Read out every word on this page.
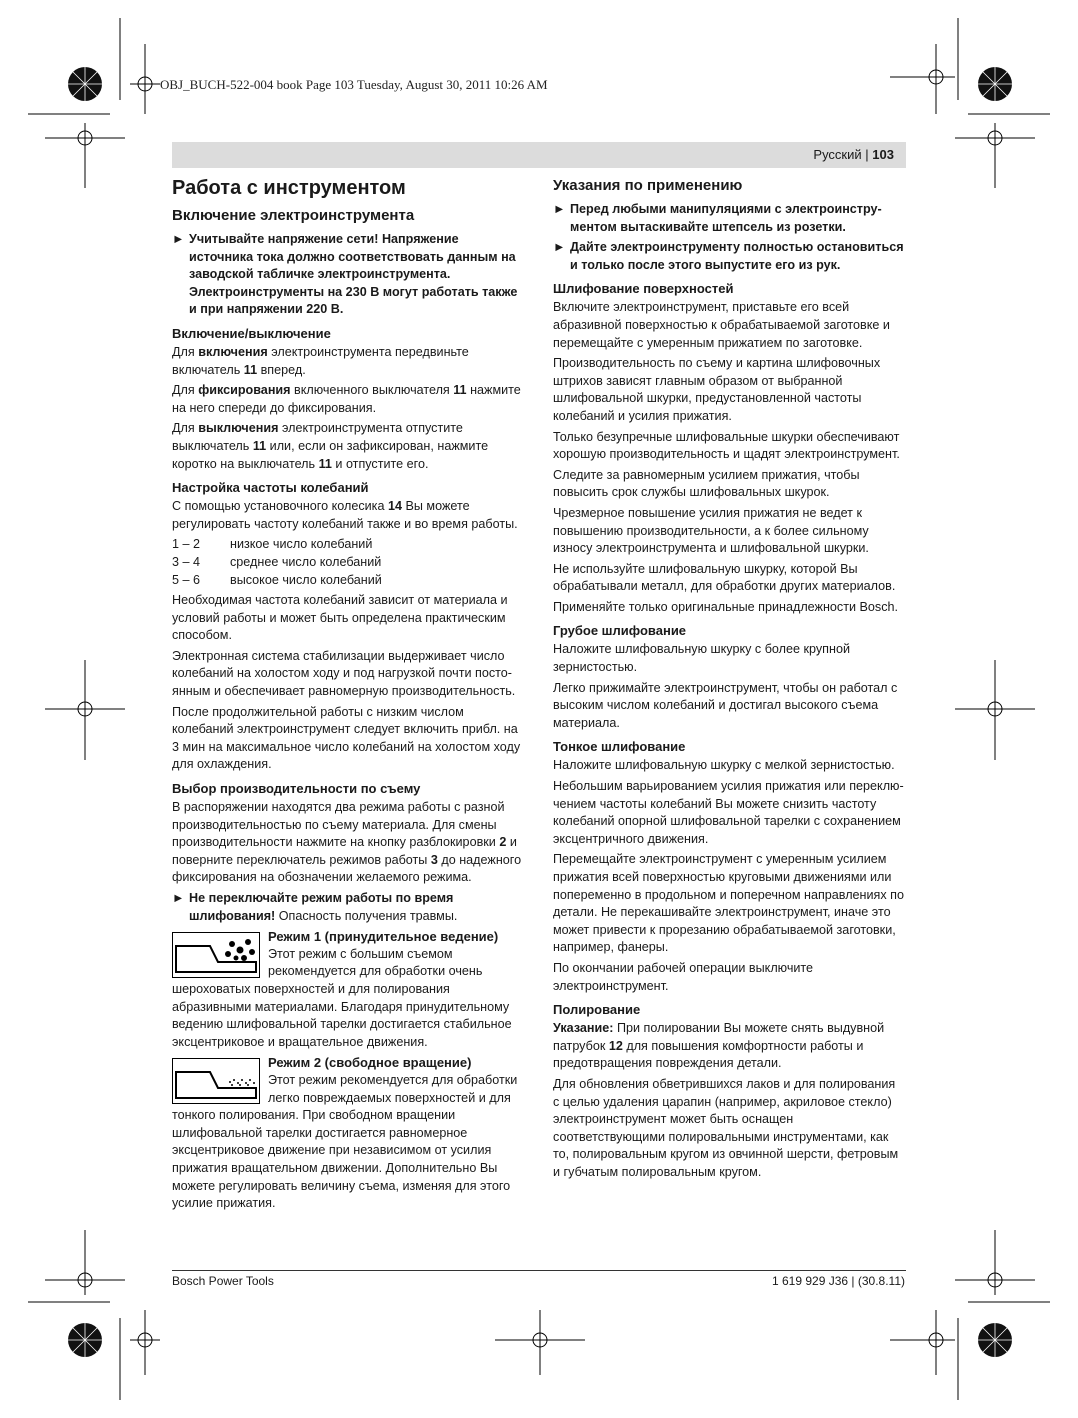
OBJ_BUCH-522-004 book Page 103 Tuesday, August 30, 2011 10:26 AM
Русский | 103
Работа с инструментом
Включение электроинструмента

► Учитывайте напряжение сети! Напряжение источника тока должно соответствовать данным на заводской табличке электроинструмента. Электроинструменты на 230 В могут работать также и при напряжении 220 В.

Включение/выключение

Для включения электроинструмента передвиньте включатель 11 вперед.

Для фиксирования включенного выключателя 11 нажмите на него спереди до фиксирования.

Для выключения электроинструмента отпустите выключатель 11 или, если он зафиксирован, нажмите коротко на выключатель 11 и отпустите его.

Настройка частоты колебаний

С помощью установочного колесика 14 Вы можете регулировать частоту колебаний также и во время работы.

1 – 2	низкое число колебаний
3 – 4	среднее число колебаний
5 – 6	высокое число колебаний

Необходимая частота колебаний зависит от материала и условий работы и может быть определена практическим способом.

Электронная система стабилизации выдерживает число колебаний на холостом ходу и под нагрузкой почти посто-янным и обеспечивает равномерную производительность.

После продолжительной работы с низким числом колебаний электроинструмент следует включить прибл. на 3 мин на максимальное число колебаний на холостом ходу для охлаждения.

Выбор производительности по съему

В распоряжении находятся два режима работы с разной производительностью по съему материала. Для смены производительности нажмите на кнопку разблокировки 2 и поверните переключатель режимов работы 3 до надежного фиксирования на обозначении желаемого режима.

► Не переключайте режим работы по время шлифования! Опасность получения травмы.

Режим 1 (принудительное ведение)
Этот режим с большим съемом рекомендуется для обработки очень шероховатых поверхностей и для полирования абразивными материалами. Благодаря принудительному ведению шлифовальной тарелки достигается стабильное эксцентриковое и вращательное движения.
Режим 2 (свободное вращение)
Этот режим рекомендуется для обработки легко повреждаемых поверхностей и для тонкого полирования. При свободном вращении шлифовальной тарелки достигается равномерное эксцентриковое движение при независимом от усилия прижатия вращательном движении. Дополнительно Вы можете регулировать величину съема, изменяя для этого усилие прижатия.
Указания по применению

► Перед любыми манипуляциями с электроинстру-ментом вытаскивайте штепсель из розетки.

► Дайте электроинструменту полностью остановиться и только после этого выпустите его из рук.

Шлифование поверхностей

Включите электроинструмент, приставьте его всей абразивной поверхностью к обрабатываемой заготовке и перемещайте с умеренным прижатием по заготовке.

Производительность по съему и картина шлифовочных штрихов зависят главным образом от выбранной шлифовальной шкурки, предустановленной частоты колебаний и усилия прижатия.

Только безупречные шлифовальные шкурки обеспечивают хорошую производительность и щадят электроинструмент.

Следите за равномерным усилием прижатия, чтобы повысить срок службы шлифовальных шкурок.

Чрезмерное повышение усилия прижатия не ведет к повышению производительности, а к более сильному износу электроинструмента и шлифовальной шкурки.

Не используйте шлифовальную шкурку, которой Вы обрабатывали металл, для обработки других материалов.

Применяйте только оригинальные принадлежности Bosch.

Грубое шлифование

Наложите шлифовальную шкурку с более крупной зернистостью.

Легко прижимайте электроинструмент, чтобы он работал с высоким числом колебаний и достигал высокого съема материала.

Тонкое шлифование

Наложите шлифовальную шкурку с мелкой зернистостью.

Небольшим варьированием усилия прижатия или переклю-чением частоты колебаний Вы можете снизить частоту колебаний опорной шлифовальной тарелки с сохранением эксцентричного движения.

Перемещайте электроинструмент с умеренным усилием прижатия всей поверхностью круговыми движениями или попеременно в продольном и поперечном направлениях по детали. Не перекашивайте электроинструмент, иначе это может привести к прорезанию обрабатываемой заготовки, например, фанеры.

По окончании рабочей операции выключите электроинструмент.

Полирование

Указание: При полировании Вы можете снять выдувной патрубок 12 для повышения комфортности работы и предотвращения повреждения детали.

Для обновления обветрившихся лаков и для полирования с целью удаления царапин (например, акриловое стекло) электроинструмент может быть оснащен соответствующими полировальными инструментами, как то, полировальным кругом из овчинной шерсти, фетровым и губчатым полировальным кругом.

Bosch Power Tools	1 619 929 J36 | (30.8.11)
